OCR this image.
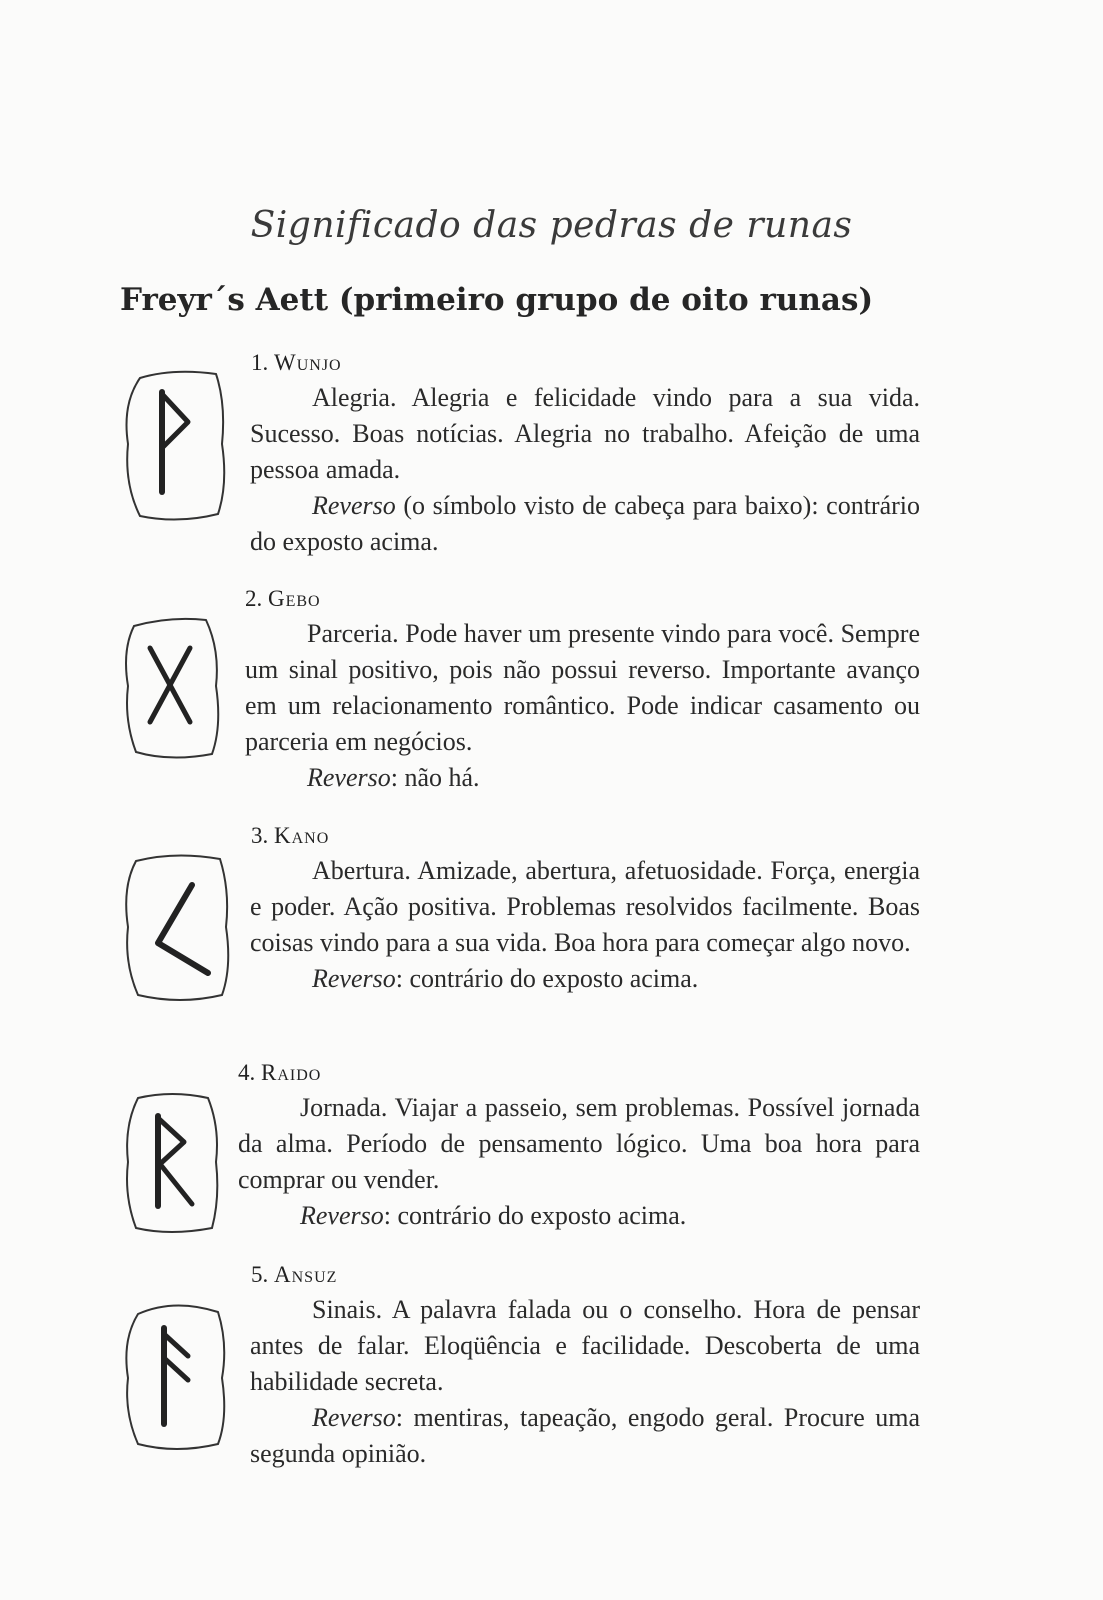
Significado das pedras de runas
Freyr´s Aett (primeiro grupo de oito runas)
1. Wunjo

Alegria. Alegria e felicidade vindo para a sua vida. Sucesso. Boas notícias. Alegria no trabalho. Afeição de uma pessoa amada.

Reverso (o símbolo visto de cabeça para baixo): contrário do exposto acima.

2. Gebo

Parceria. Pode haver um presente vindo para você. Sempre um sinal positivo, pois não possui reverso. Importante avanço em um relacionamento romântico. Pode indicar casamento ou parceria em negócios.

Reverso: não há.

3. Kano

Abertura. Amizade, abertura, afetuosidade. Força, energia e poder. Ação positiva. Problemas resolvidos facilmente. Boas coisas vindo para a sua vida. Boa hora para começar algo novo.

Reverso: contrário do exposto acima.

4. Raido

Jornada. Viajar a passeio, sem problemas. Possível jornada da alma. Período de pensamento lógico. Uma boa hora para comprar ou vender.

Reverso: contrário do exposto acima.

5. Ansuz

Sinais. A palavra falada ou o conselho. Hora de pensar antes de falar. Eloqüência e facilidade. Descoberta de uma habilidade secreta.

Reverso: mentiras, tapeação, engodo geral. Procure uma segunda opinião.
